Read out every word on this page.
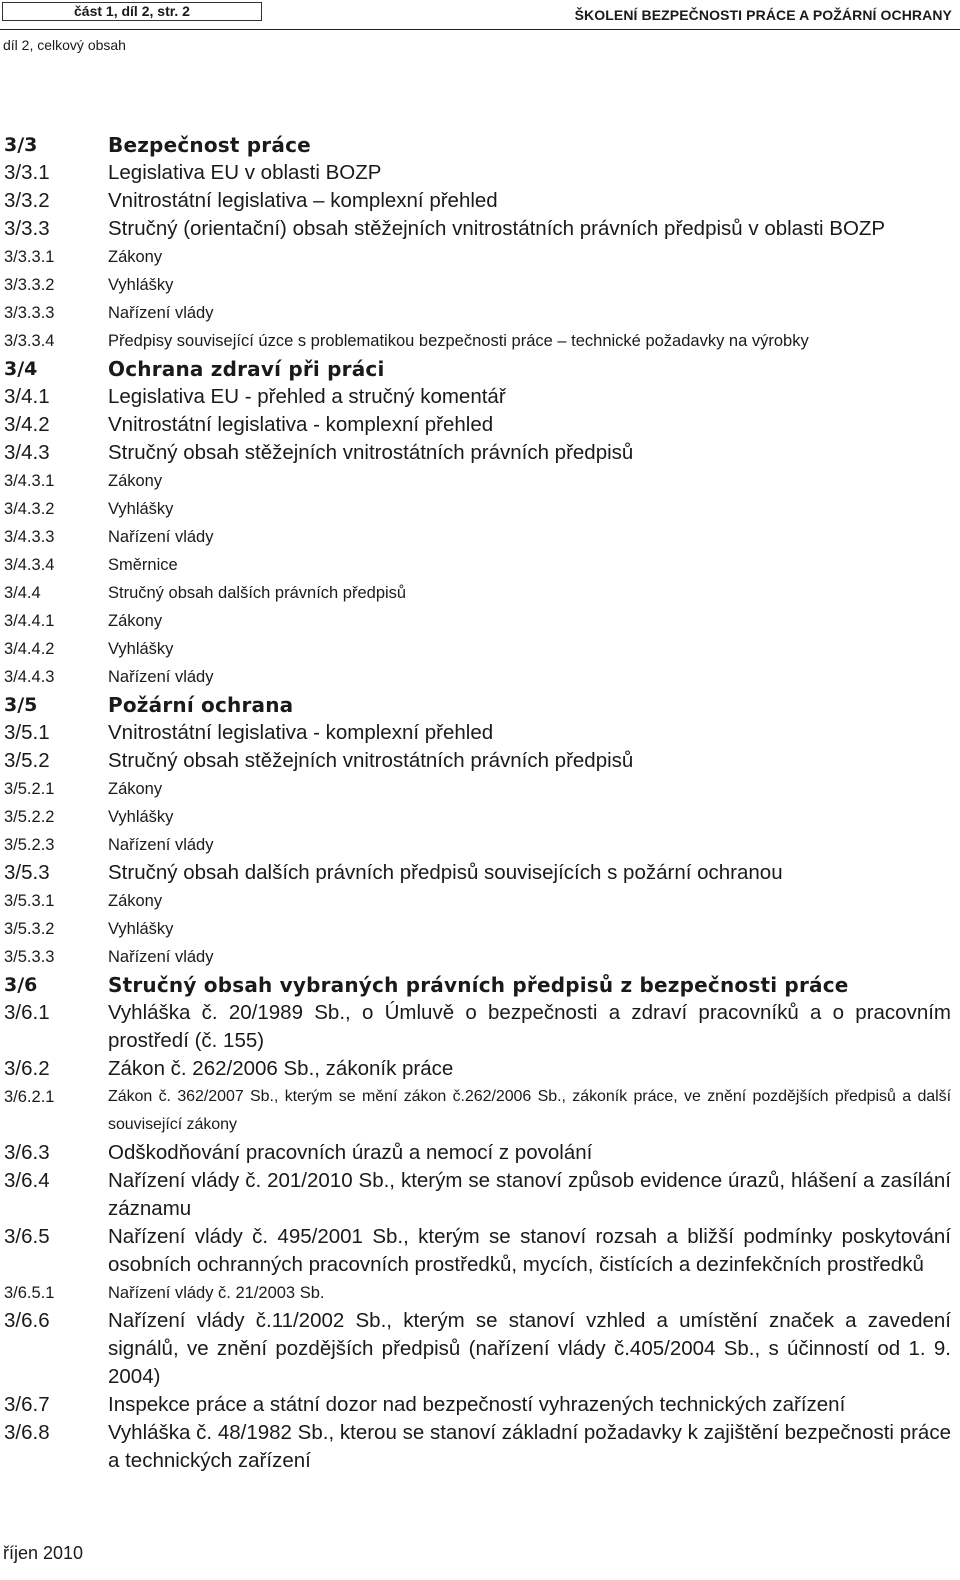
část 1, díl 2, str. 2	ŠKOLENÍ BEZPEČNOSTI PRÁCE A POŽÁRNÍ OCHRANY
díl 2, celkový obsah
3/3	Bezpečnost práce
3/3.1	Legislativa EU v oblasti BOZP
3/3.2	Vnitrostátní legislativa – komplexní přehled
3/3.3	Stručný (orientační) obsah stěžejních vnitrostátních právních předpisů v oblasti BOZP
3/3.3.1	Zákony
3/3.3.2	Vyhlášky
3/3.3.3	Nařízení vlády
3/3.3.4	Předpisy související úzce s problematikou bezpečnosti práce – technické požadavky na výrobky
3/4	Ochrana zdraví při práci
3/4.1	Legislativa EU - přehled a stručný komentář
3/4.2	Vnitrostátní legislativa - komplexní přehled
3/4.3	Stručný obsah stěžejních vnitrostátních právních předpisů
3/4.3.1	Zákony
3/4.3.2	Vyhlášky
3/4.3.3	Nařízení vlády
3/4.3.4	Směrnice
3/4.4	Stručný obsah dalších právních předpisů
3/4.4.1	Zákony
3/4.4.2	Vyhlášky
3/4.4.3	Nařízení vlády
3/5	Požární ochrana
3/5.1	Vnitrostátní legislativa - komplexní přehled
3/5.2	Stručný obsah stěžejních vnitrostátních právních předpisů
3/5.2.1	Zákony
3/5.2.2	Vyhlášky
3/5.2.3	Nařízení vlády
3/5.3	Stručný obsah dalších právních předpisů souvisejících s požární ochranou
3/5.3.1	Zákony
3/5.3.2	Vyhlášky
3/5.3.3	Nařízení vlády
3/6	Stručný obsah vybraných právních předpisů z bezpečnosti práce
3/6.1	Vyhláška č. 20/1989 Sb., o Úmluvě o bezpečnosti a zdraví pracovníků a o pracovním prostředí (č. 155)
3/6.2	Zákon č. 262/2006 Sb., zákoník práce
3/6.2.1	Zákon č. 362/2007 Sb., kterým se mění zákon č.262/2006 Sb., zákoník práce, ve znění pozdějších předpisů a další související zákony
3/6.3	Odškodňování pracovních úrazů a nemocí z povolání
3/6.4	Nařízení vlády č. 201/2010 Sb., kterým se stanoví způsob evidence úrazů, hlášení a zasílání záznamu
3/6.5	Nařízení vlády č. 495/2001 Sb., kterým se stanoví rozsah a bližší podmínky poskytování osobních ochranných pracovních prostředků, mycích, čistících a dezinfekčních prostředků
3/6.5.1	Nařízení vlády č. 21/2003 Sb.
3/6.6	Nařízení vlády č.11/2002 Sb., kterým se stanoví vzhled a umístění značek a zavedení signálů, ve znění pozdějších předpisů (nařízení vlády č.405/2004 Sb., s účinností od 1. 9. 2004)
3/6.7	Inspekce práce a státní dozor nad bezpečností vyhrazených technických zařízení
3/6.8	Vyhláška č. 48/1982 Sb., kterou se stanoví základní požadavky k zajištění bezpečnosti práce a technických zařízení
říjen 2010
